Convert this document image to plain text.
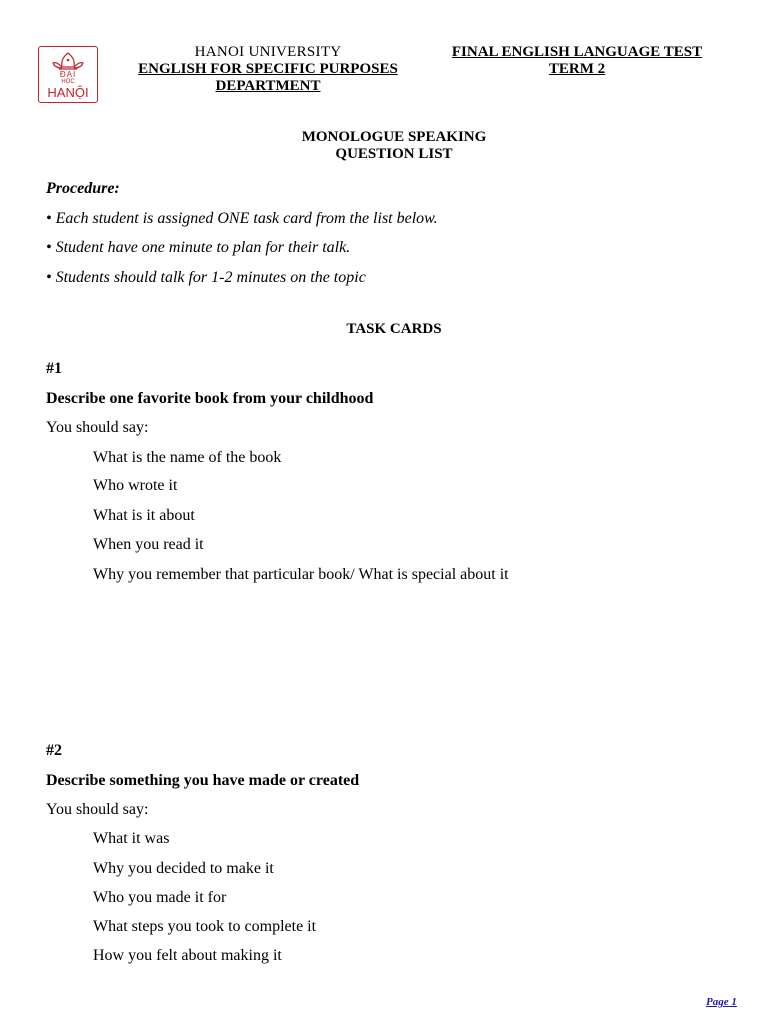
ĐẠI
HỌC
HANỘI
HANOI UNIVERSITY
ENGLISH FOR SPECIFIC PURPOSES
DEPARTMENT
FINAL ENGLISH LANGUAGE TEST
TERM 2
MONOLOGUE SPEAKING
QUESTION LIST
Procedure:
• Each student is assigned ONE task card from the list below.
• Student have one minute to plan for their talk.
• Students should talk for 1-2 minutes on the topic
TASK CARDS
#1
Describe one favorite book from your childhood
You should say:
What is the name of the book
Who wrote it
What is it about
When you read it
Why you remember that particular book/ What is special about it
#2
Describe something you have made or created
You should say:
What it was
Why you decided to make it
Who you made it for
What steps you took to complete it
How you felt about making it
Page 1
